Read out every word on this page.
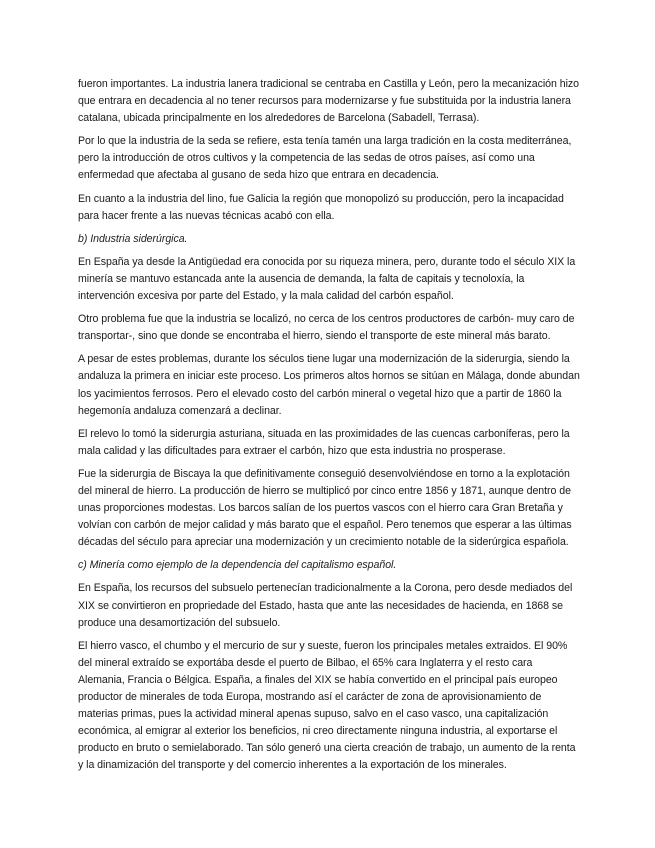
fueron importantes. La industria lanera tradicional se centraba en Castilla y León, pero la mecanización hizo que entrara en decadencia al no tener recursos para modernizarse y fue substituida por la industria lanera catalana, ubicada principalmente en los alrededores de Barcelona (Sabadell, Terrasa).

Por lo que la industria de la seda se refiere, esta tenía tamén una larga tradición en la costa mediterránea, pero la introducción de otros cultivos y la competencia de las sedas de otros países, así como una enfermedad que afectaba al gusano de seda hizo que entrara en decadencia.

En cuanto a la industria del lino, fue Galicia la región que monopolizó su producción, pero la incapacidad para hacer frente a las nuevas técnicas acabó con ella.

b) Industria siderúrgica.

En España ya desde la Antigüedad era conocida por su riqueza minera, pero, durante todo el século XIX la minería se mantuvo estancada ante la ausencia de demanda, la falta de capitais y tecnoloxía, la intervención excesiva por parte del Estado, y la mala calidad del carbón español.

Otro problema fue que la industria se localizó, no cerca de los centros productores de carbón- muy caro de transportar-, sino que donde se encontraba el hierro, siendo el transporte de este mineral más barato.

A pesar de estes problemas, durante los séculos tiene lugar una modernización de la siderurgia, siendo la andaluza la primera en iniciar este proceso. Los primeros altos hornos se sitúan en Málaga, donde abundan los yacimientos ferrosos. Pero el elevado costo del carbón mineral o vegetal hizo que a partir de 1860 la hegemonía andaluza comenzará a declinar.

El relevo lo tomó la siderurgia asturiana, situada en las proximidades de las cuencas carboníferas, pero la mala calidad y las dificultades para extraer el carbón, hizo que esta industria no prosperase.

Fue la siderurgia de Biscaya la que definitivamente conseguió desenvolviéndose en torno a la explotación del mineral de hierro. La producción de hierro se multiplicó por cinco entre 1856 y 1871, aunque dentro de unas proporciones modestas. Los barcos salían de los puertos vascos con el hierro cara Gran Bretaña y volvían con carbón de mejor calidad y más barato que el español. Pero tenemos que esperar a las últimas décadas del século para apreciar una modernización y un crecimiento notable de la siderúrgica española.

c) Minería como ejemplo de la dependencia del capitalismo español.

En España, los recursos del subsuelo pertenecían tradicionalmente a la Corona, pero desde mediados del XIX se convirtieron en propriedade del Estado, hasta que ante las necesidades de hacienda, en 1868 se produce una desamortización del subsuelo.

El hierro vasco, el chumbo y el mercurio de sur y sueste, fueron los principales metales extraidos. El 90% del mineral extraído se exportába desde el puerto de Bilbao, el 65% cara Inglaterra y el resto cara Alemania, Francia o Bélgica. España, a finales del XIX se había convertido en el principal país europeo productor de minerales de toda Europa, mostrando así el carácter de zona de aprovisionamiento de materias primas, pues la actividad mineral apenas supuso, salvo en el caso vasco, una capitalización económica, al emigrar al exterior los beneficios, ni creo directamente ninguna industria, al exportarse el producto en bruto o semielaborado. Tan sólo generó una cierta creación de trabajo, un aumento de la renta y la dinamización del transporte y del comercio inherentes a la exportación de los minerales.
